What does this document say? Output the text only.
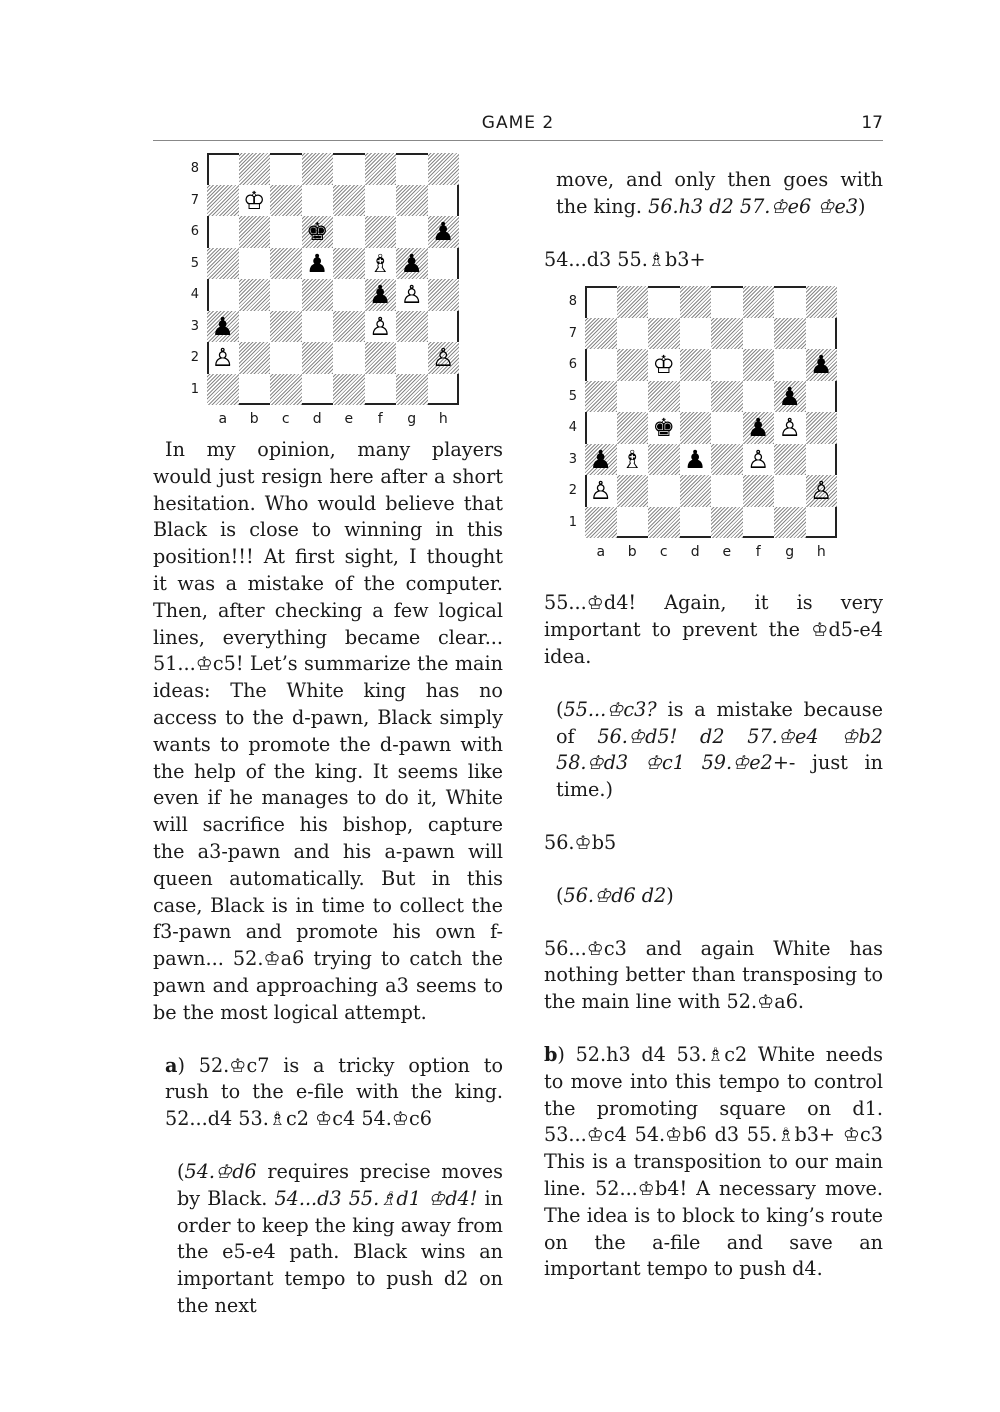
GAME 2	17
8
7
6
5
4
3
2
1
a	b	c	d	e	f	g	h
♔
♚	♟
♟ ♗ ♟
♟ ♙
♟	♙
♙	♙
8
7
6
5
4
3
2
1
a	b	c	d	e	f	g	h
♔	♟
♟
♚	♟ ♙
♟ ♗ ♟ ♙
♙	♙

In my opinion, many players would just resign here after a short hesitation. Who would believe that Black is close to winning in this position!!! At first sight, I thought it was a mistake of the computer. Then, after checking a few logical lines, everything became clear... 51...♔c5! Let’s summarize the main ideas: The White king has no access to the d-pawn, Black simply wants to promote the d-pawn with the help of the king. It seems like even if he manages to do it, White will sacrifice his bishop, capture the a3-pawn and his a-pawn will queen automatically. But in this case, Black is in time to collect the f3-pawn and promote his own f-pawn... 52.♔a6 trying to catch the pawn and approaching a3 seems to be the most logical attempt.

a) 52.♔c7 is a tricky option to rush to the e-file with the king. 52...d4 53.♗c2 ♔c4 54.♔c6

(54.♔d6 requires precise moves by Black. 54...d3 55.♗d1 ♔d4! in order to keep the king away from the e5-e4 path. Black wins an important tempo to push d2 on the next

move, and only then goes with the king. 56.h3 d2 57.♔e6 ♔e3)

54...d3 55.♗b3+

55...♔d4! Again, it is very important to prevent the ♔d5-e4 idea.

(55...♔c3? is a mistake because of 56.♔d5! d2 57.♔e4 ♔b2 58.♔d3 ♔c1 59.♔e2+- just in time.)

56.♔b5

(56.♔d6 d2)

56...♔c3 and again White has nothing better than transposing to the main line with 52.♔a6.

b) 52.h3 d4 53.♗c2 White needs to move into this tempo to control the promoting square on d1. 53...♔c4 54.♔b6 d3 55.♗b3+ ♔c3 This is a transposition to our main line. 52...♔b4! A necessary move. The idea is to block to king’s route on the a-file and save an important tempo to push d4.
